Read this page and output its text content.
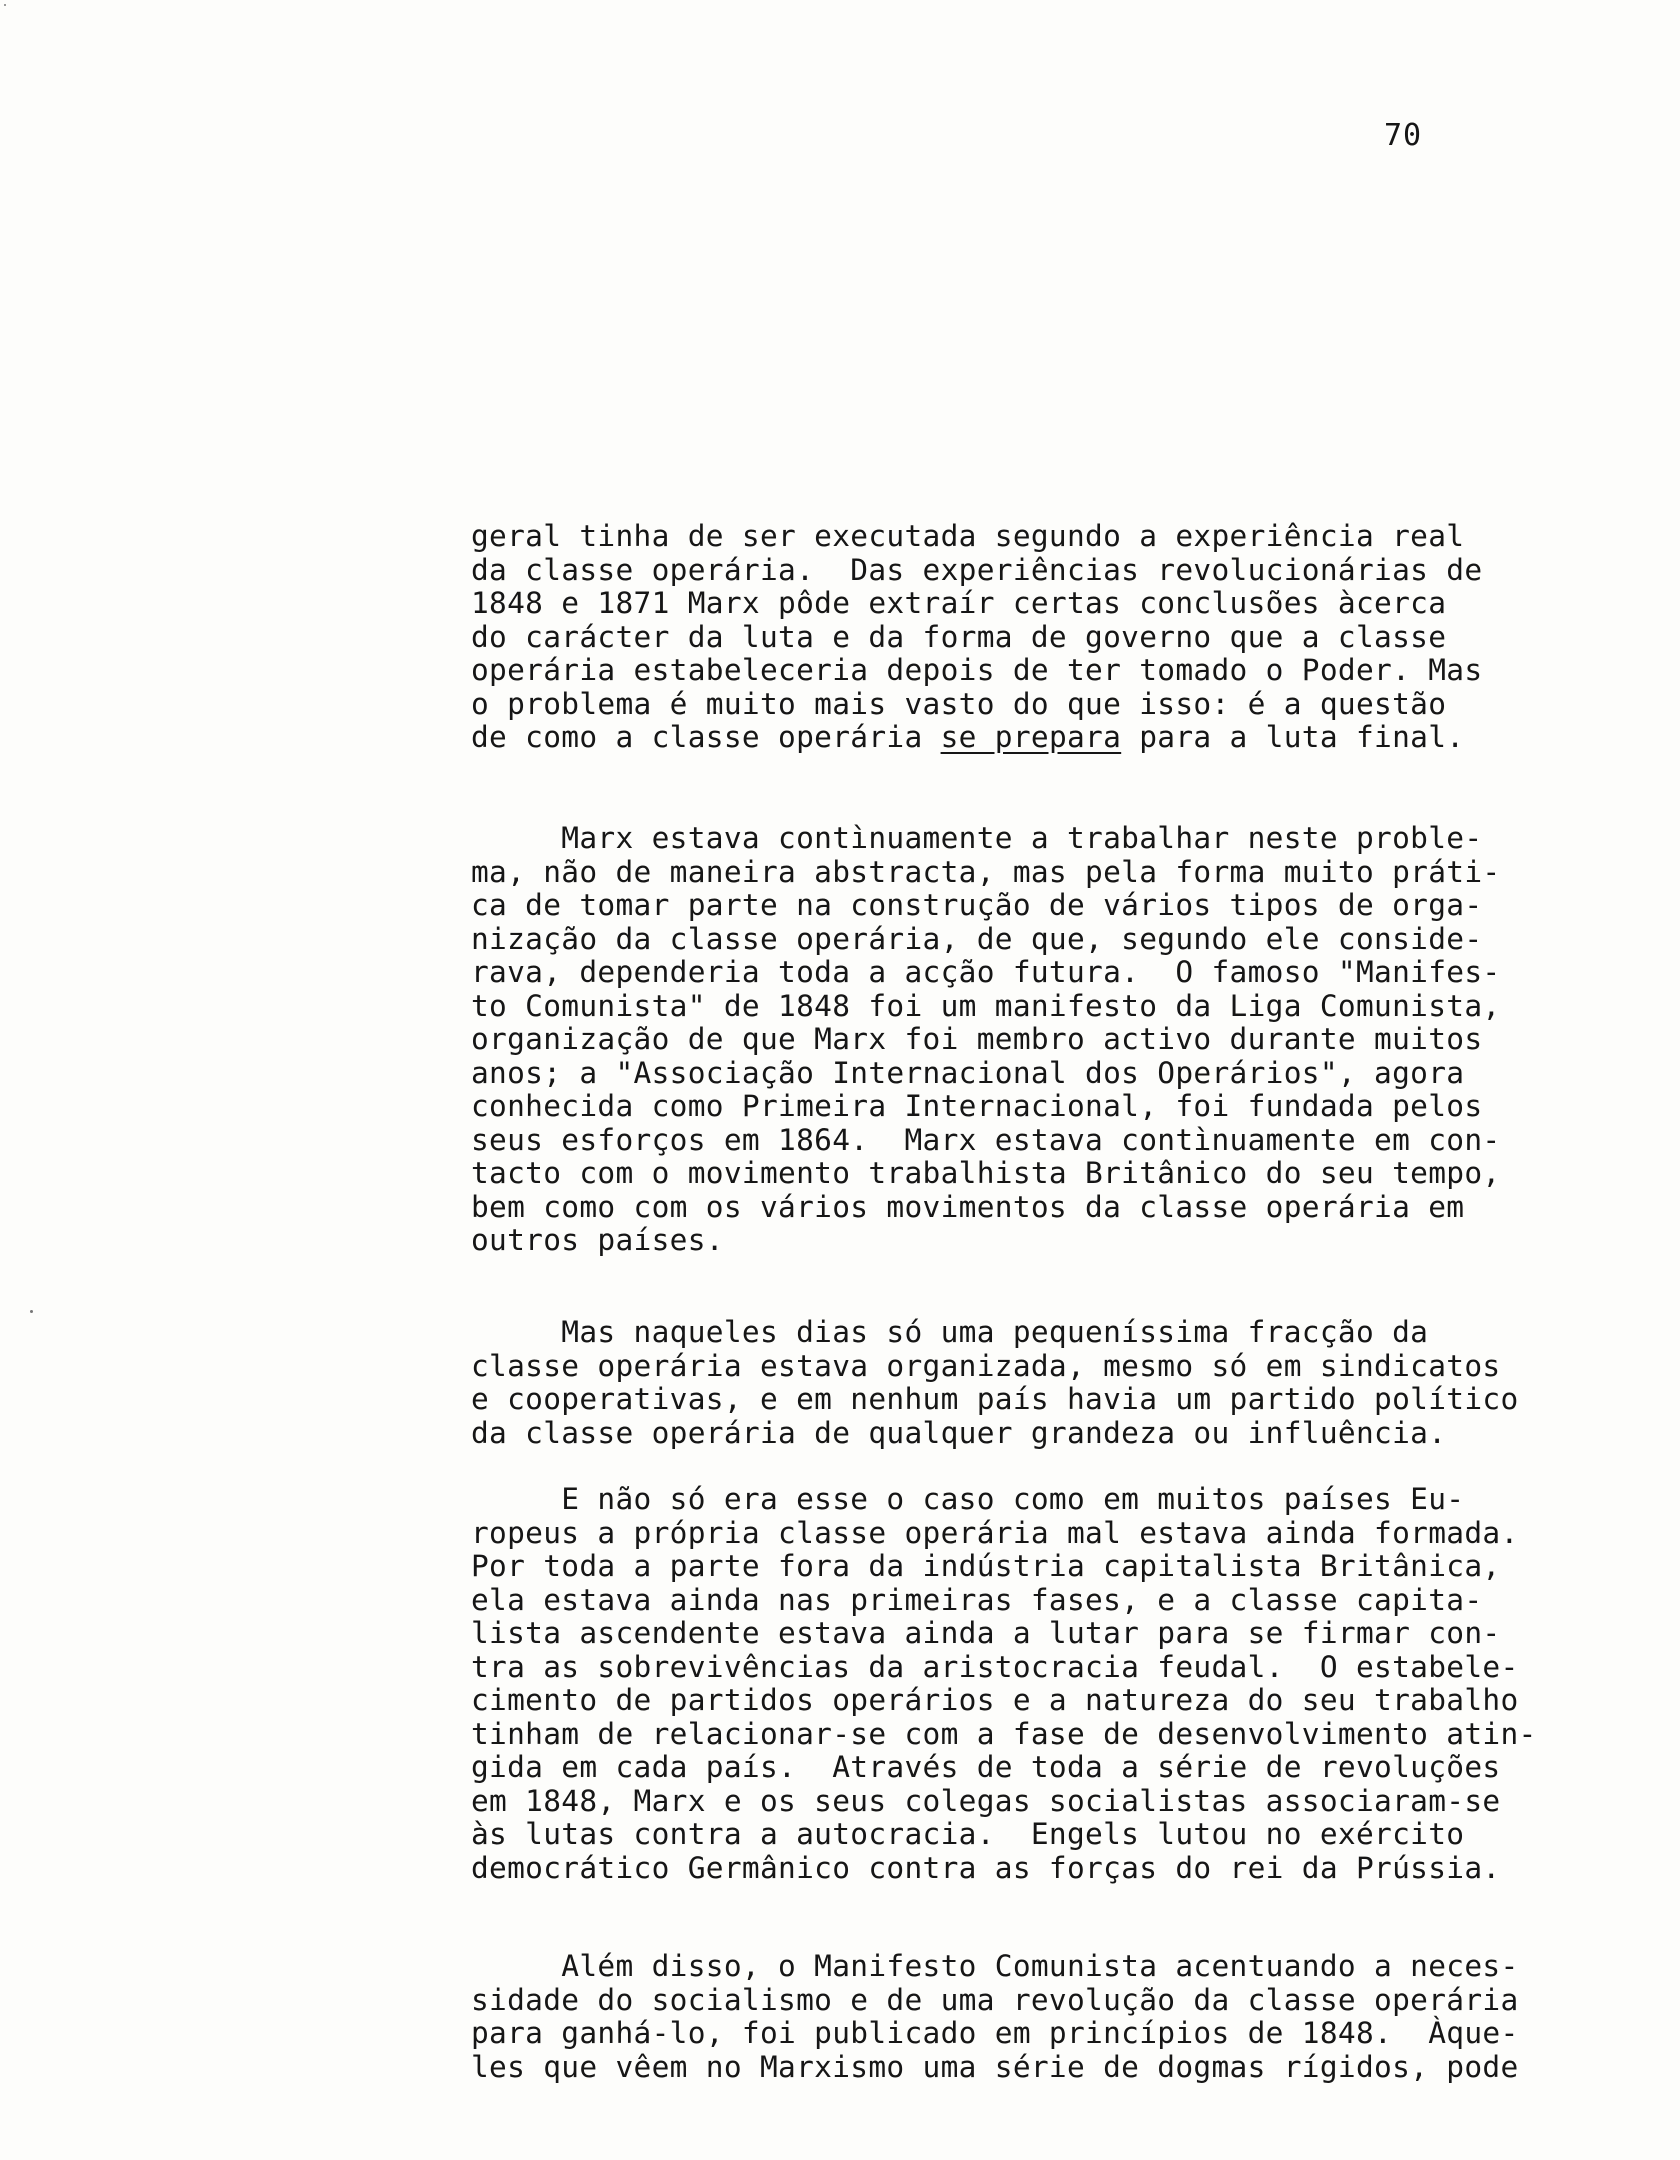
70
geral tinha de ser executada segundo a experiência real
da classe operária.  Das experiências revolucionárias de
1848 e 1871 Marx pôde extraír certas conclusões àcerca
do carácter da luta e da forma de governo que a classe
operária estabeleceria depois de ter tomado o Poder. Mas
o problema é muito mais vasto do que isso: é a questão
de como a classe operária se prepara para a luta final.
Marx estava contìnuamente a trabalhar neste proble-
ma, não de maneira abstracta, mas pela forma muito práti-
ca de tomar parte na construção de vários tipos de orga-
nização da classe operária, de que, segundo ele conside-
rava, dependeria toda a acção futura.  O famoso "Manifes-
to Comunista" de 1848 foi um manifesto da Liga Comunista,
organização de que Marx foi membro activo durante muitos
anos; a "Associação Internacional dos Operários", agora
conhecida como Primeira Internacional, foi fundada pelos
seus esforços em 1864.  Marx estava contìnuamente em con-
tacto com o movimento trabalhista Britânico do seu tempo,
bem como com os vários movimentos da classe operária em
outros países.
Mas naqueles dias só uma pequeníssima fracção da
classe operária estava organizada, mesmo só em sindicatos
e cooperativas, e em nenhum país havia um partido político
da classe operária de qualquer grandeza ou influência.
E não só era esse o caso como em muitos países Eu-
ropeus a própria classe operária mal estava ainda formada.
Por toda a parte fora da indústria capitalista Britânica,
ela estava ainda nas primeiras fases, e a classe capita-
lista ascendente estava ainda a lutar para se firmar con-
tra as sobrevivências da aristocracia feudal.  O estabele-
cimento de partidos operários e a natureza do seu trabalho
tinham de relacionar-se com a fase de desenvolvimento atin-
gida em cada país.  Através de toda a série de revoluções
em 1848, Marx e os seus colegas socialistas associaram-se
às lutas contra a autocracia.  Engels lutou no exército
democrático Germânico contra as forças do rei da Prússia.
Além disso, o Manifesto Comunista acentuando a neces-
sidade do socialismo e de uma revolução da classe operária
para ganhá-lo, foi publicado em princípios de 1848.  Àque-
les que vêem no Marxismo uma série de dogmas rígidos, pode
